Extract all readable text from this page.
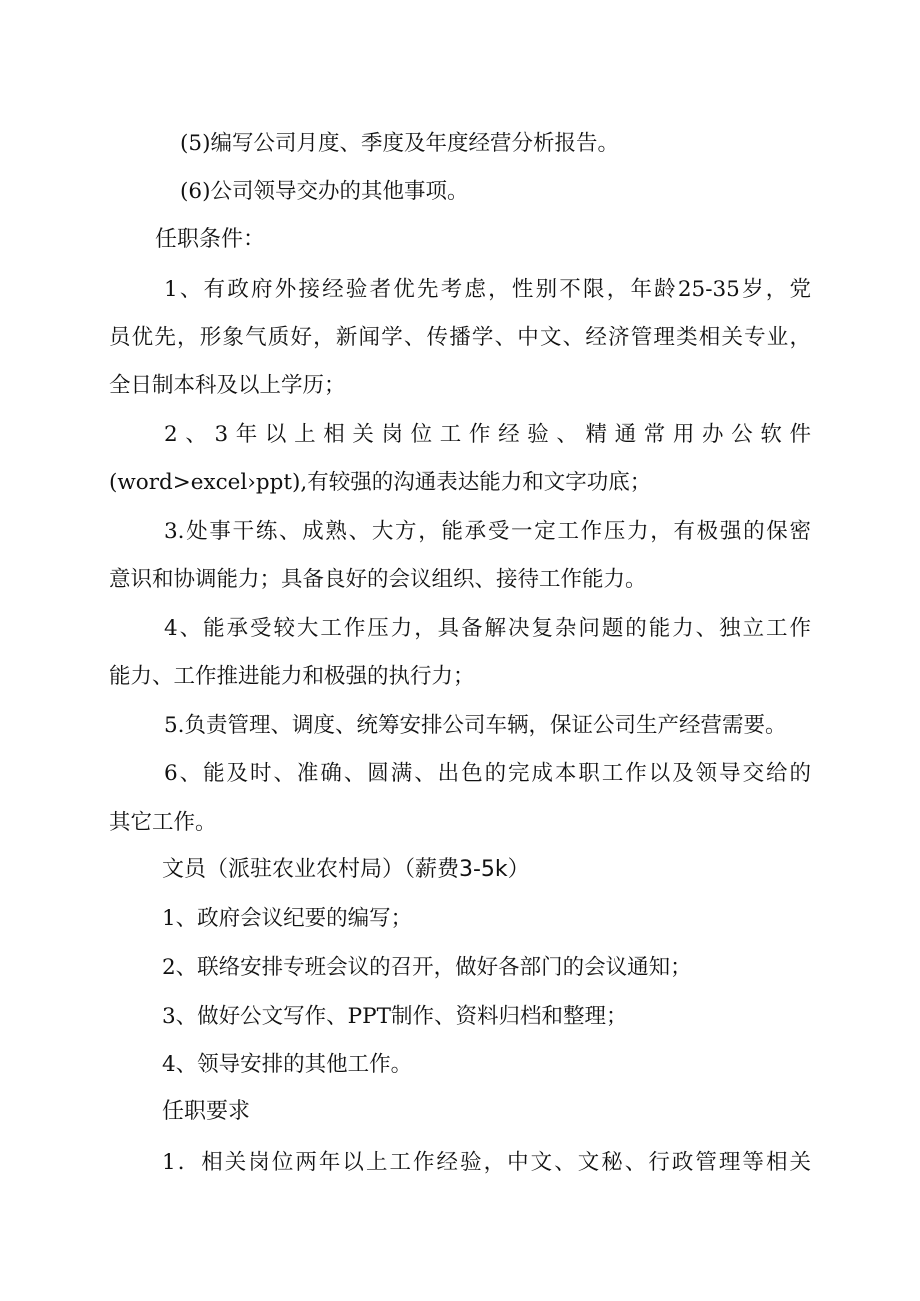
(5)编写公司月度、季度及年度经营分析报告。
(6)公司领导交办的其他事项。
任职条件：
1、有政府外接经验者优先考虑，性别不限，年龄25-35岁，党
员优先，形象气质好，新闻学、传播学、中文、经济管理类相关专业，
全日制本科及以上学历；
2、3年以上相关岗位工作经验、精通常用办公软件
(word>excel›ppt),有较强的沟通表达能力和文字功底；
3.处事干练、成熟、大方，能承受一定工作压力，有极强的保密
意识和协调能力；具备良好的会议组织、接待工作能力。
4、能承受较大工作压力，具备解决复杂问题的能力、独立工作
能力、工作推进能力和极强的执行力；
5.负责管理、调度、统筹安排公司车辆，保证公司生产经营需要。
6、能及时、准确、圆满、出色的完成本职工作以及领导交给的
其它工作。
文员（派驻农业农村局）（薪费3-5k）
1、政府会议纪要的编写；
2、联络安排专班会议的召开，做好各部门的会议通知；
3、做好公文写作、PPT制作、资料归档和整理；
4、领导安排的其他工作。
任职要求
1．相关岗位两年以上工作经验，中文、文秘、行政管理等相关
